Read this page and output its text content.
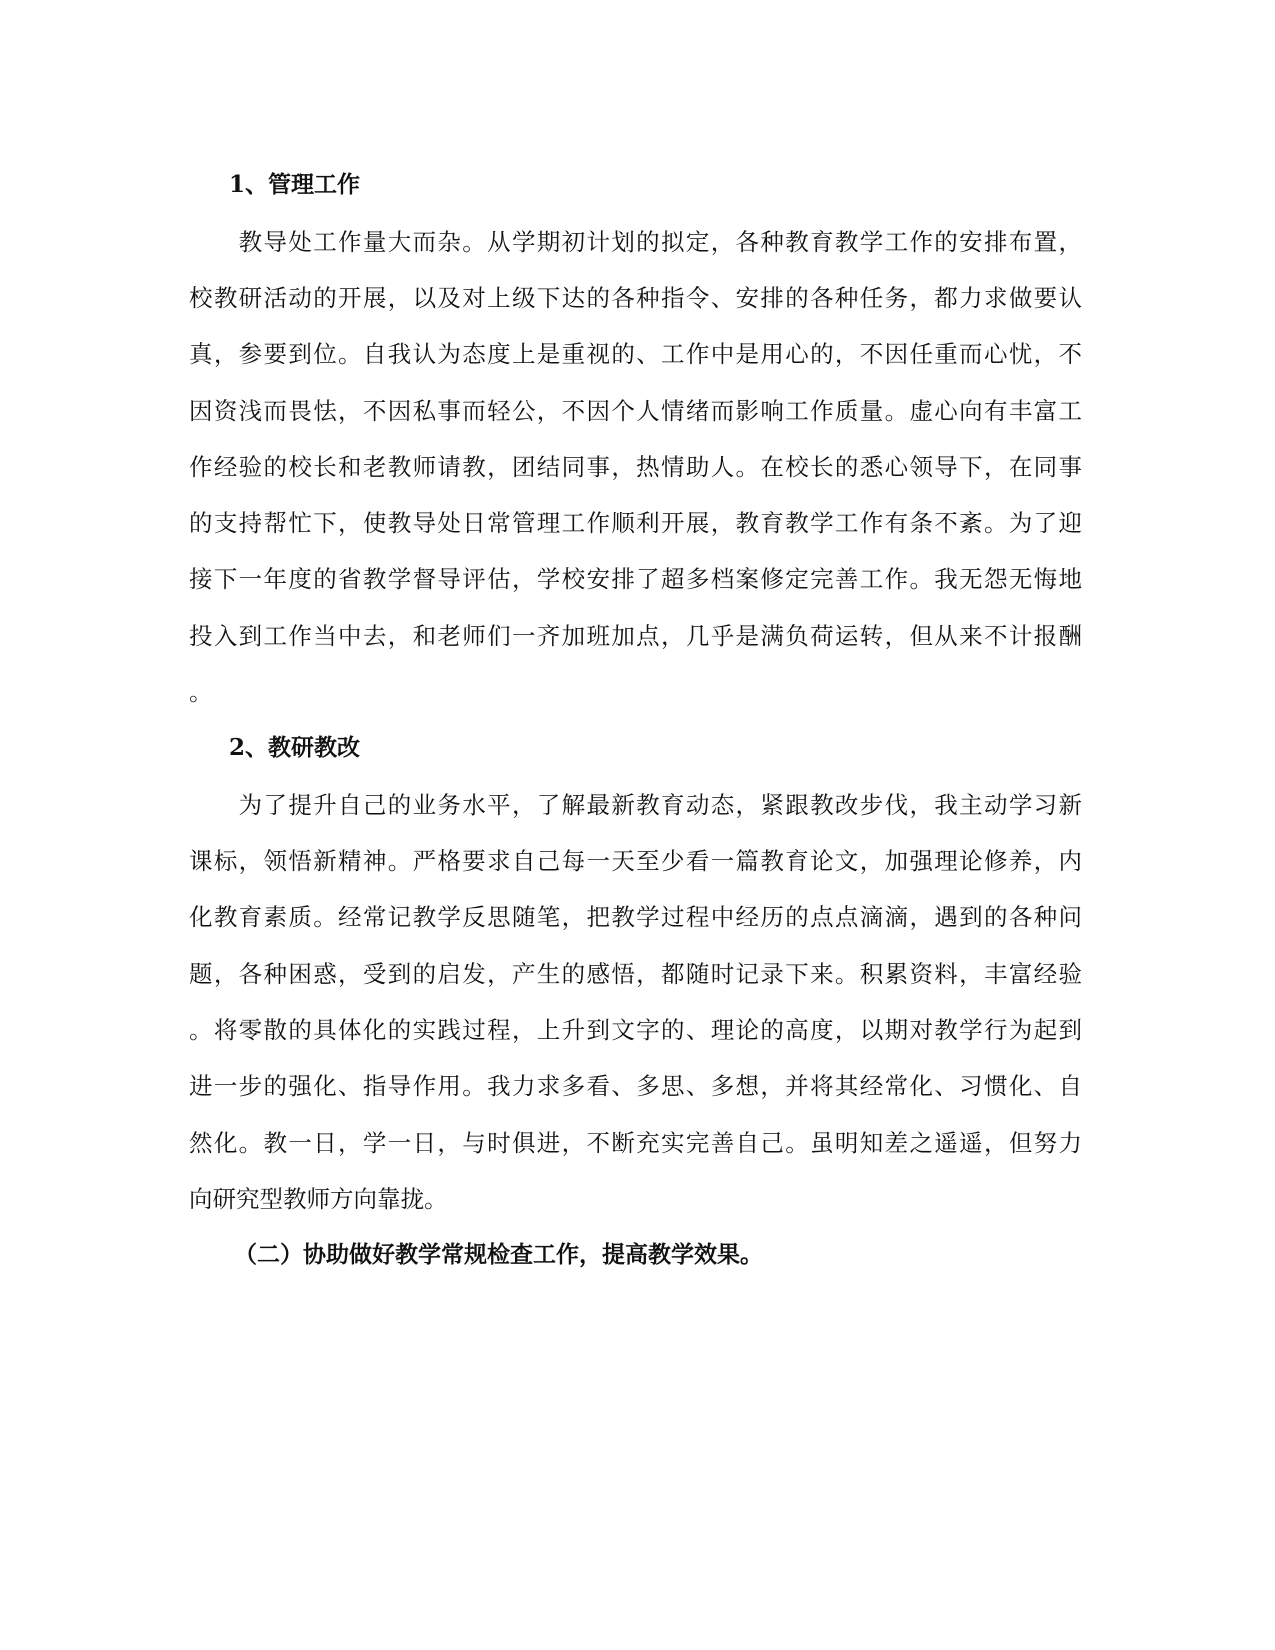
1、管理工作
　　教导处工作量大而杂。从学期初计划的拟定，各种教育教学工作的安排布置，
校教研活动的开展，以及对上级下达的各种指令、安排的各种任务，都力求做要认
真，参要到位。自我认为态度上是重视的、工作中是用心的，不因任重而心忧，不
因资浅而畏怯，不因私事而轻公，不因个人情绪而影响工作质量。虚心向有丰富工
作经验的校长和老教师请教，团结同事，热情助人。在校长的悉心领导下，在同事
的支持帮忙下，使教导处日常管理工作顺利开展，教育教学工作有条不紊。为了迎
接下一年度的省教学督导评估，学校安排了超多档案修定完善工作。我无怨无悔地
投入到工作当中去，和老师们一齐加班加点，几乎是满负荷运转，但从来不计报酬
。
2、教研教改
　　为了提升自己的业务水平，了解最新教育动态，紧跟教改步伐，我主动学习新
课标，领悟新精神。严格要求自己每一天至少看一篇教育论文，加强理论修养，内
化教育素质。经常记教学反思随笔，把教学过程中经历的点点滴滴，遇到的各种问
题，各种困惑，受到的启发，产生的感悟，都随时记录下来。积累资料，丰富经验
。将零散的具体化的实践过程，上升到文字的、理论的高度，以期对教学行为起到
进一步的强化、指导作用。我力求多看、多思、多想，并将其经常化、习惯化、自
然化。教一日，学一日，与时俱进，不断充实完善自己。虽明知差之遥遥，但努力
向研究型教师方向靠拢。
（二）协助做好教学常规检查工作，提高教学效果。
